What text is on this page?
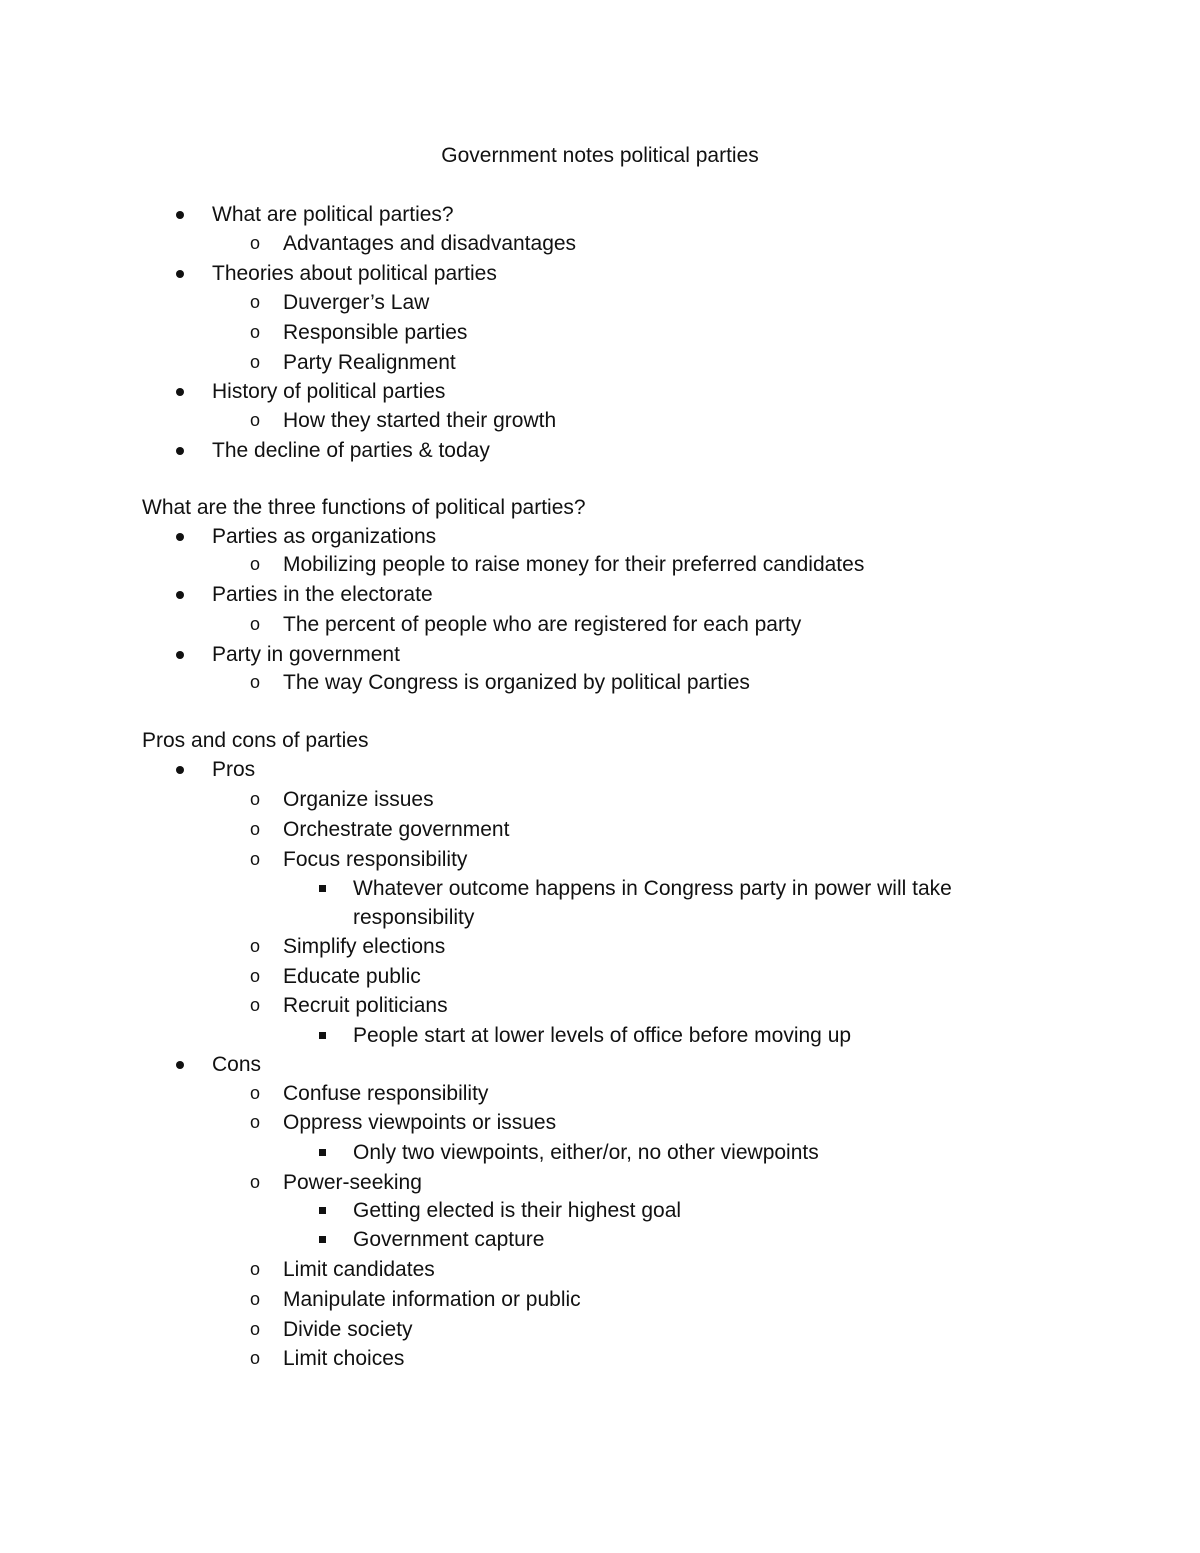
Government notes political parties
What are political parties?
o Advantages and disadvantages
Theories about political parties
o Duverger’s Law
o Responsible parties
o Party Realignment
History of political parties
o How they started their growth
The decline of parties & today
What are the three functions of political parties?
Parties as organizations
o Mobilizing people to raise money for their preferred candidates
Parties in the electorate
o The percent of people who are registered for each party
Party in government
o The way Congress is organized by political parties
Pros and cons of parties
Pros
o Organize issues
o Orchestrate government
o Focus responsibility
Whatever outcome happens in Congress party in power will take responsibility
o Simplify elections
o Educate public
o Recruit politicians
People start at lower levels of office before moving up
Cons
o Confuse responsibility
o Oppress viewpoints or issues
Only two viewpoints, either/or, no other viewpoints
o Power-seeking
Getting elected is their highest goal
Government capture
o Limit candidates
o Manipulate information or public
o Divide society
o Limit choices
